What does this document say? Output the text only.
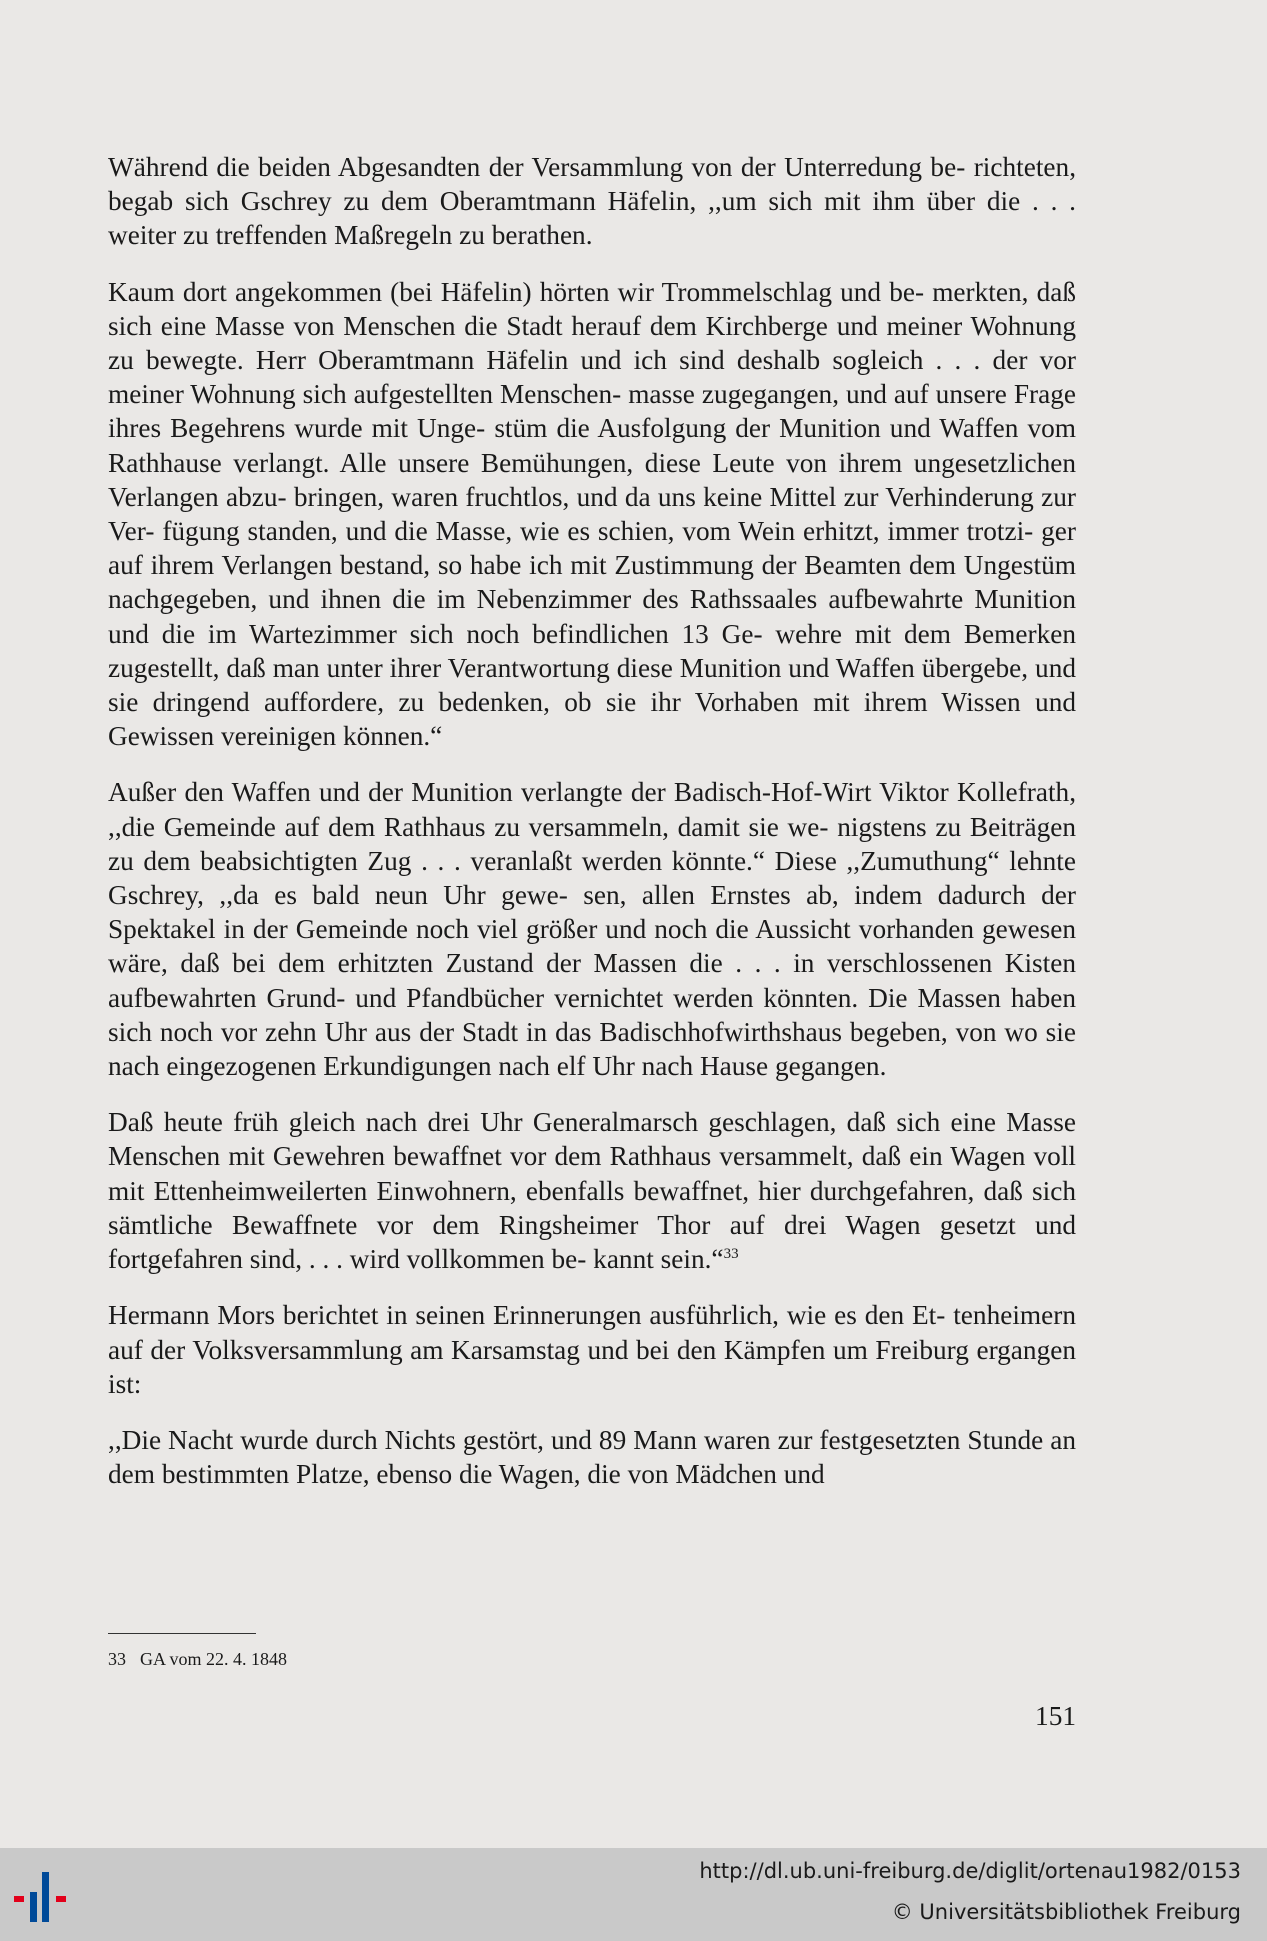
Während die beiden Abgesandten der Versammlung von der Unterredung be- richteten, begab sich Gschrey zu dem Oberamtmann Häfelin, ,,um sich mit ihm über die . . . weiter zu treffenden Maßregeln zu berathen.

Kaum dort angekommen (bei Häfelin) hörten wir Trommelschlag und be- merkten, daß sich eine Masse von Menschen die Stadt herauf dem Kirchberge und meiner Wohnung zu bewegte. Herr Oberamtmann Häfelin und ich sind deshalb sogleich . . . der vor meiner Wohnung sich aufgestellten Menschen- masse zugegangen, und auf unsere Frage ihres Begehrens wurde mit Unge- stüm die Ausfolgung der Munition und Waffen vom Rathhause verlangt. Alle unsere Bemühungen, diese Leute von ihrem ungesetzlichen Verlangen abzu- bringen, waren fruchtlos, und da uns keine Mittel zur Verhinderung zur Ver- fügung standen, und die Masse, wie es schien, vom Wein erhitzt, immer trotzi- ger auf ihrem Verlangen bestand, so habe ich mit Zustimmung der Beamten dem Ungestüm nachgegeben, und ihnen die im Nebenzimmer des Rathssaales aufbewahrte Munition und die im Wartezimmer sich noch befindlichen 13 Ge- wehre mit dem Bemerken zugestellt, daß man unter ihrer Verantwortung diese Munition und Waffen übergebe, und sie dringend auffordere, zu bedenken, ob sie ihr Vorhaben mit ihrem Wissen und Gewissen vereinigen können.“

Außer den Waffen und der Munition verlangte der Badisch-Hof-Wirt Viktor Kollefrath, ,,die Gemeinde auf dem Rathhaus zu versammeln, damit sie we- nigstens zu Beiträgen zu dem beabsichtigten Zug . . . veranlaßt werden könnte.“ Diese ,,Zumuthung“ lehnte Gschrey, ,,da es bald neun Uhr gewe- sen, allen Ernstes ab, indem dadurch der Spektakel in der Gemeinde noch viel größer und noch die Aussicht vorhanden gewesen wäre, daß bei dem erhitzten Zustand der Massen die . . . in verschlossenen Kisten aufbewahrten Grund- und Pfandbücher vernichtet werden könnten. Die Massen haben sich noch vor zehn Uhr aus der Stadt in das Badischhofwirthshaus begeben, von wo sie nach eingezogenen Erkundigungen nach elf Uhr nach Hause gegangen.

Daß heute früh gleich nach drei Uhr Generalmarsch geschlagen, daß sich eine Masse Menschen mit Gewehren bewaffnet vor dem Rathhaus versammelt, daß ein Wagen voll mit Ettenheimweilerten Einwohnern, ebenfalls bewaffnet, hier durchgefahren, daß sich sämtliche Bewaffnete vor dem Ringsheimer Thor auf drei Wagen gesetzt und fortgefahren sind, . . . wird vollkommen be- kannt sein.“$^{33}$

Hermann Mors berichtet in seinen Erinnerungen ausführlich, wie es den Et- tenheimern auf der Volksversammlung am Karsamstag und bei den Kämpfen um Freiburg ergangen ist:

,,Die Nacht wurde durch Nichts gestört, und 89 Mann waren zur festgesetzten Stunde an dem bestimmten Platze, ebenso die Wagen, die von Mädchen und

33 GA vom 22. 4. 1848
151
http://dl.ub.uni-freiburg.de/diglit/ortenau1982/0153
© Universitätsbibliothek Freiburg
